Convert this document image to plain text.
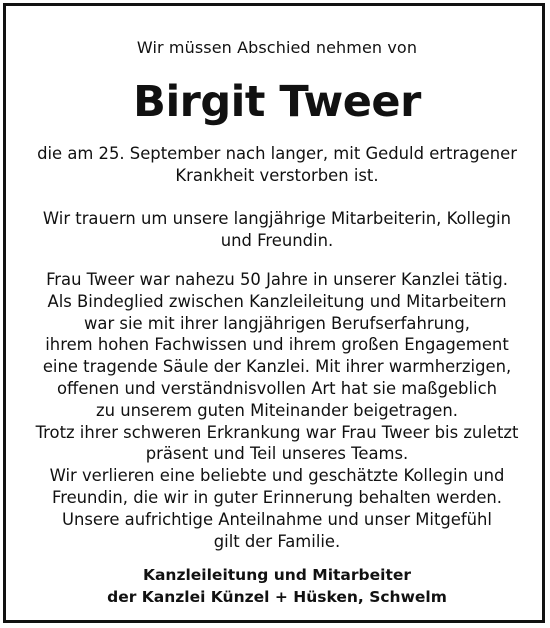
Wir müssen Abschied nehmen von
Birgit Tweer
die am 25. September nach langer, mit Geduld ertragener
Krankheit verstorben ist.
Wir trauern um unsere langjährige Mitarbeiterin, Kollegin
und Freundin.
Frau Tweer war nahezu 50 Jahre in unserer Kanzlei tätig.
Als Bindeglied zwischen Kanzleileitung und Mitarbeitern
war sie mit ihrer langjährigen Berufserfahrung,
ihrem hohen Fachwissen und ihrem großen Engagement
eine tragende Säule der Kanzlei. Mit ihrer warmherzigen,
offenen und verständnisvollen Art hat sie maßgeblich
zu unserem guten Miteinander beigetragen.
Trotz ihrer schweren Erkrankung war Frau Tweer bis zuletzt
präsent und Teil unseres Teams.
Wir verlieren eine beliebte und geschätzte Kollegin und
Freundin, die wir in guter Erinnerung behalten werden.
Unsere aufrichtige Anteilnahme und unser Mitgefühl
gilt der Familie.
Kanzleileitung und Mitarbeiter
der Kanzlei Künzel + Hüsken, Schwelm
